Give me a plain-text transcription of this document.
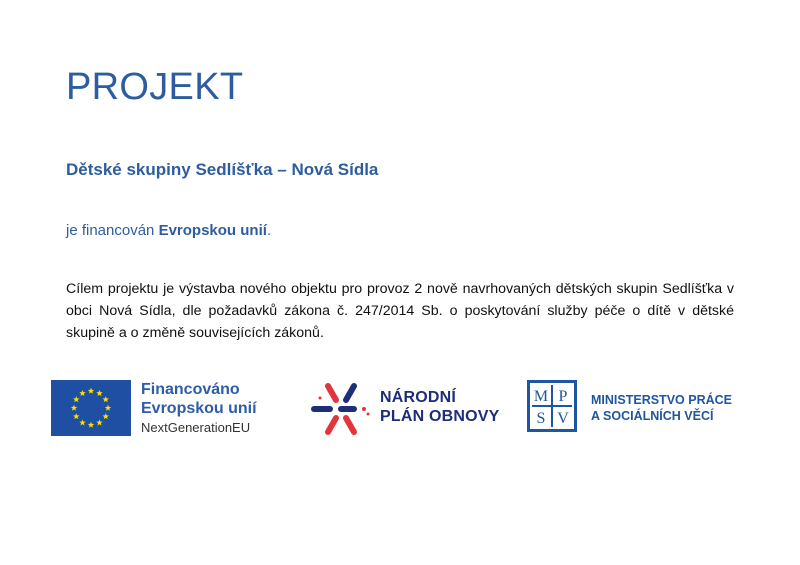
PROJEKT
Dětské skupiny Sedlíšťka – Nová Sídla
je financován Evropskou unií.
Cílem projektu je výstavba nového objektu pro provoz 2 nově navrhovaných dětských skupin Sedlíšťka v obci Nová Sídla, dle požadavků zákona č. 247/2014 Sb. o poskytování služby péče o dítě v dětské skupině a o změně souvisejících zákonů.
Financováno
Evropskou unií
NextGenerationEU
NÁRODNÍ
PLÁN OBNOVY
M P
S V
MINISTERSTVO PRÁCE
A SOCIÁLNÍCH VĚCÍ
